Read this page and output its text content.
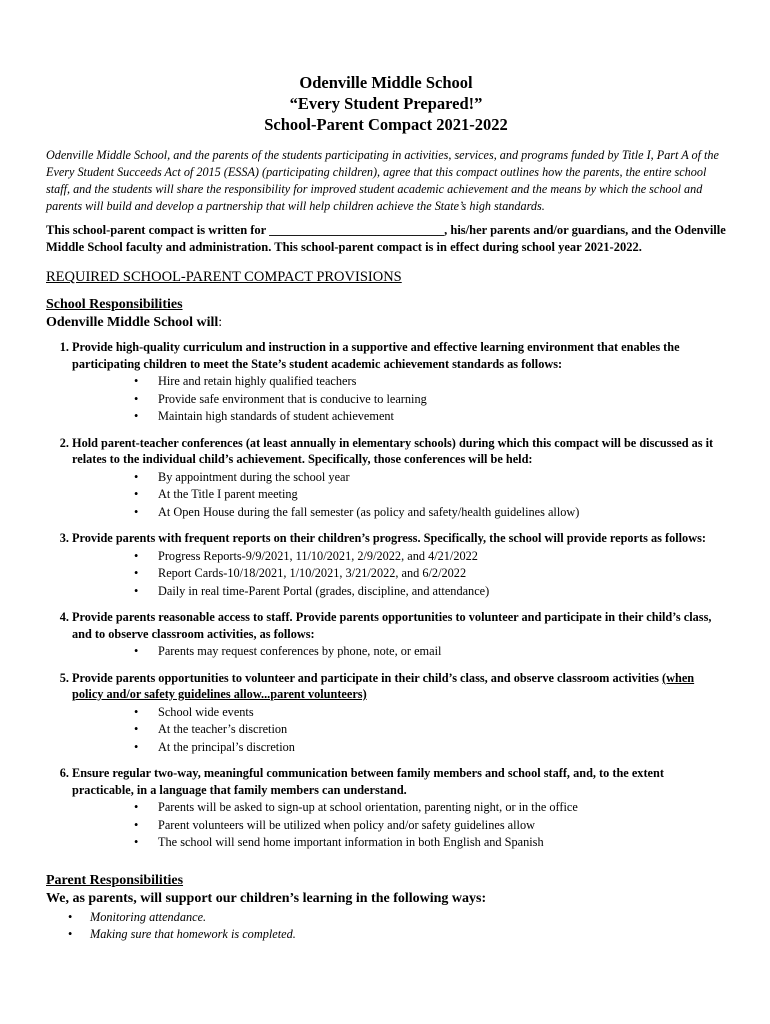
Odenville Middle School
“Every Student Prepared!”
School-Parent Compact 2021-2022
Odenville Middle School, and the parents of the students participating in activities, services, and programs funded by Title I, Part A of the Every Student Succeeds Act of 2015 (ESSA) (participating children), agree that this compact outlines how the parents, the entire school staff, and the students will share the responsibility for improved student academic achievement and the means by which the school and parents will build and develop a partnership that will help children achieve the State’s high standards.
This school-parent compact is written for ____________________________, his/her parents and/or guardians, and the Odenville Middle School faculty and administration. This school-parent compact is in effect during school year 2021-2022.
REQUIRED SCHOOL-PARENT COMPACT PROVISIONS
School Responsibilities
Odenville Middle School will:
1. Provide high-quality curriculum and instruction in a supportive and effective learning environment that enables the participating children to meet the State’s student academic achievement standards as follows:
• Hire and retain highly qualified teachers
• Provide safe environment that is conducive to learning
• Maintain high standards of student achievement
2. Hold parent-teacher conferences (at least annually in elementary schools) during which this compact will be discussed as it relates to the individual child’s achievement. Specifically, those conferences will be held:
• By appointment during the school year
• At the Title I parent meeting
• At Open House during the fall semester (as policy and safety/health guidelines allow)
3. Provide parents with frequent reports on their children’s progress. Specifically, the school will provide reports as follows:
• Progress Reports-9/9/2021, 11/10/2021, 2/9/2022, and 4/21/2022
• Report Cards-10/18/2021, 1/10/2021, 3/21/2022, and 6/2/2022
• Daily in real time-Parent Portal (grades, discipline, and attendance)
4. Provide parents reasonable access to staff. Provide parents opportunities to volunteer and participate in their child’s class, and to observe classroom activities, as follows:
• Parents may request conferences by phone, note, or email
5. Provide parents opportunities to volunteer and participate in their child’s class, and observe classroom activities (when policy and/or safety guidelines allow...parent volunteers)
• School wide events
• At the teacher’s discretion
• At the principal’s discretion
6. Ensure regular two-way, meaningful communication between family members and school staff, and, to the extent practicable, in a language that family members can understand.
• Parents will be asked to sign-up at school orientation, parenting night, or in the office
• Parent volunteers will be utilized when policy and/or safety guidelines allow
• The school will send home important information in both English and Spanish
Parent Responsibilities
We, as parents, will support our children’s learning in the following ways:
• Monitoring attendance.
• Making sure that homework is completed.
